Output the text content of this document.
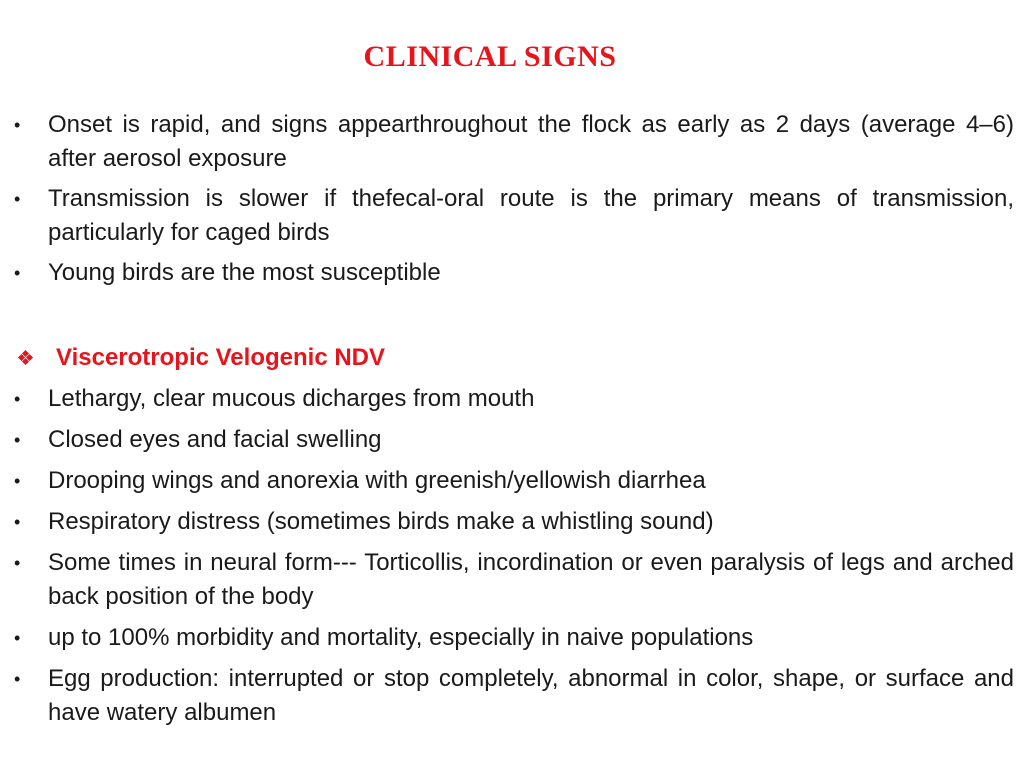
CLINICAL SIGNS
•	Onset is rapid, and signs appearthroughout the flock as early as 2 days (average 4–6) after aerosol exposure
•	Transmission is slower if thefecal-oral route is the primary means of transmission, particularly for caged birds
•	Young birds are the most susceptible
Viscerotropic Velogenic NDV
•	Lethargy, clear mucous dicharges from mouth
•	Closed eyes and facial swelling
•	Drooping wings and anorexia with greenish/yellowish diarrhea
•	Respiratory distress (sometimes birds make a whistling sound)
•	Some times in neural form--- Torticollis, incordination or even paralysis of legs and arched back position of the body
•	up to 100% morbidity and mortality, especially in naive populations
•	Egg production: interrupted or stop completely, abnormal in color, shape, or surface and have watery albumen
